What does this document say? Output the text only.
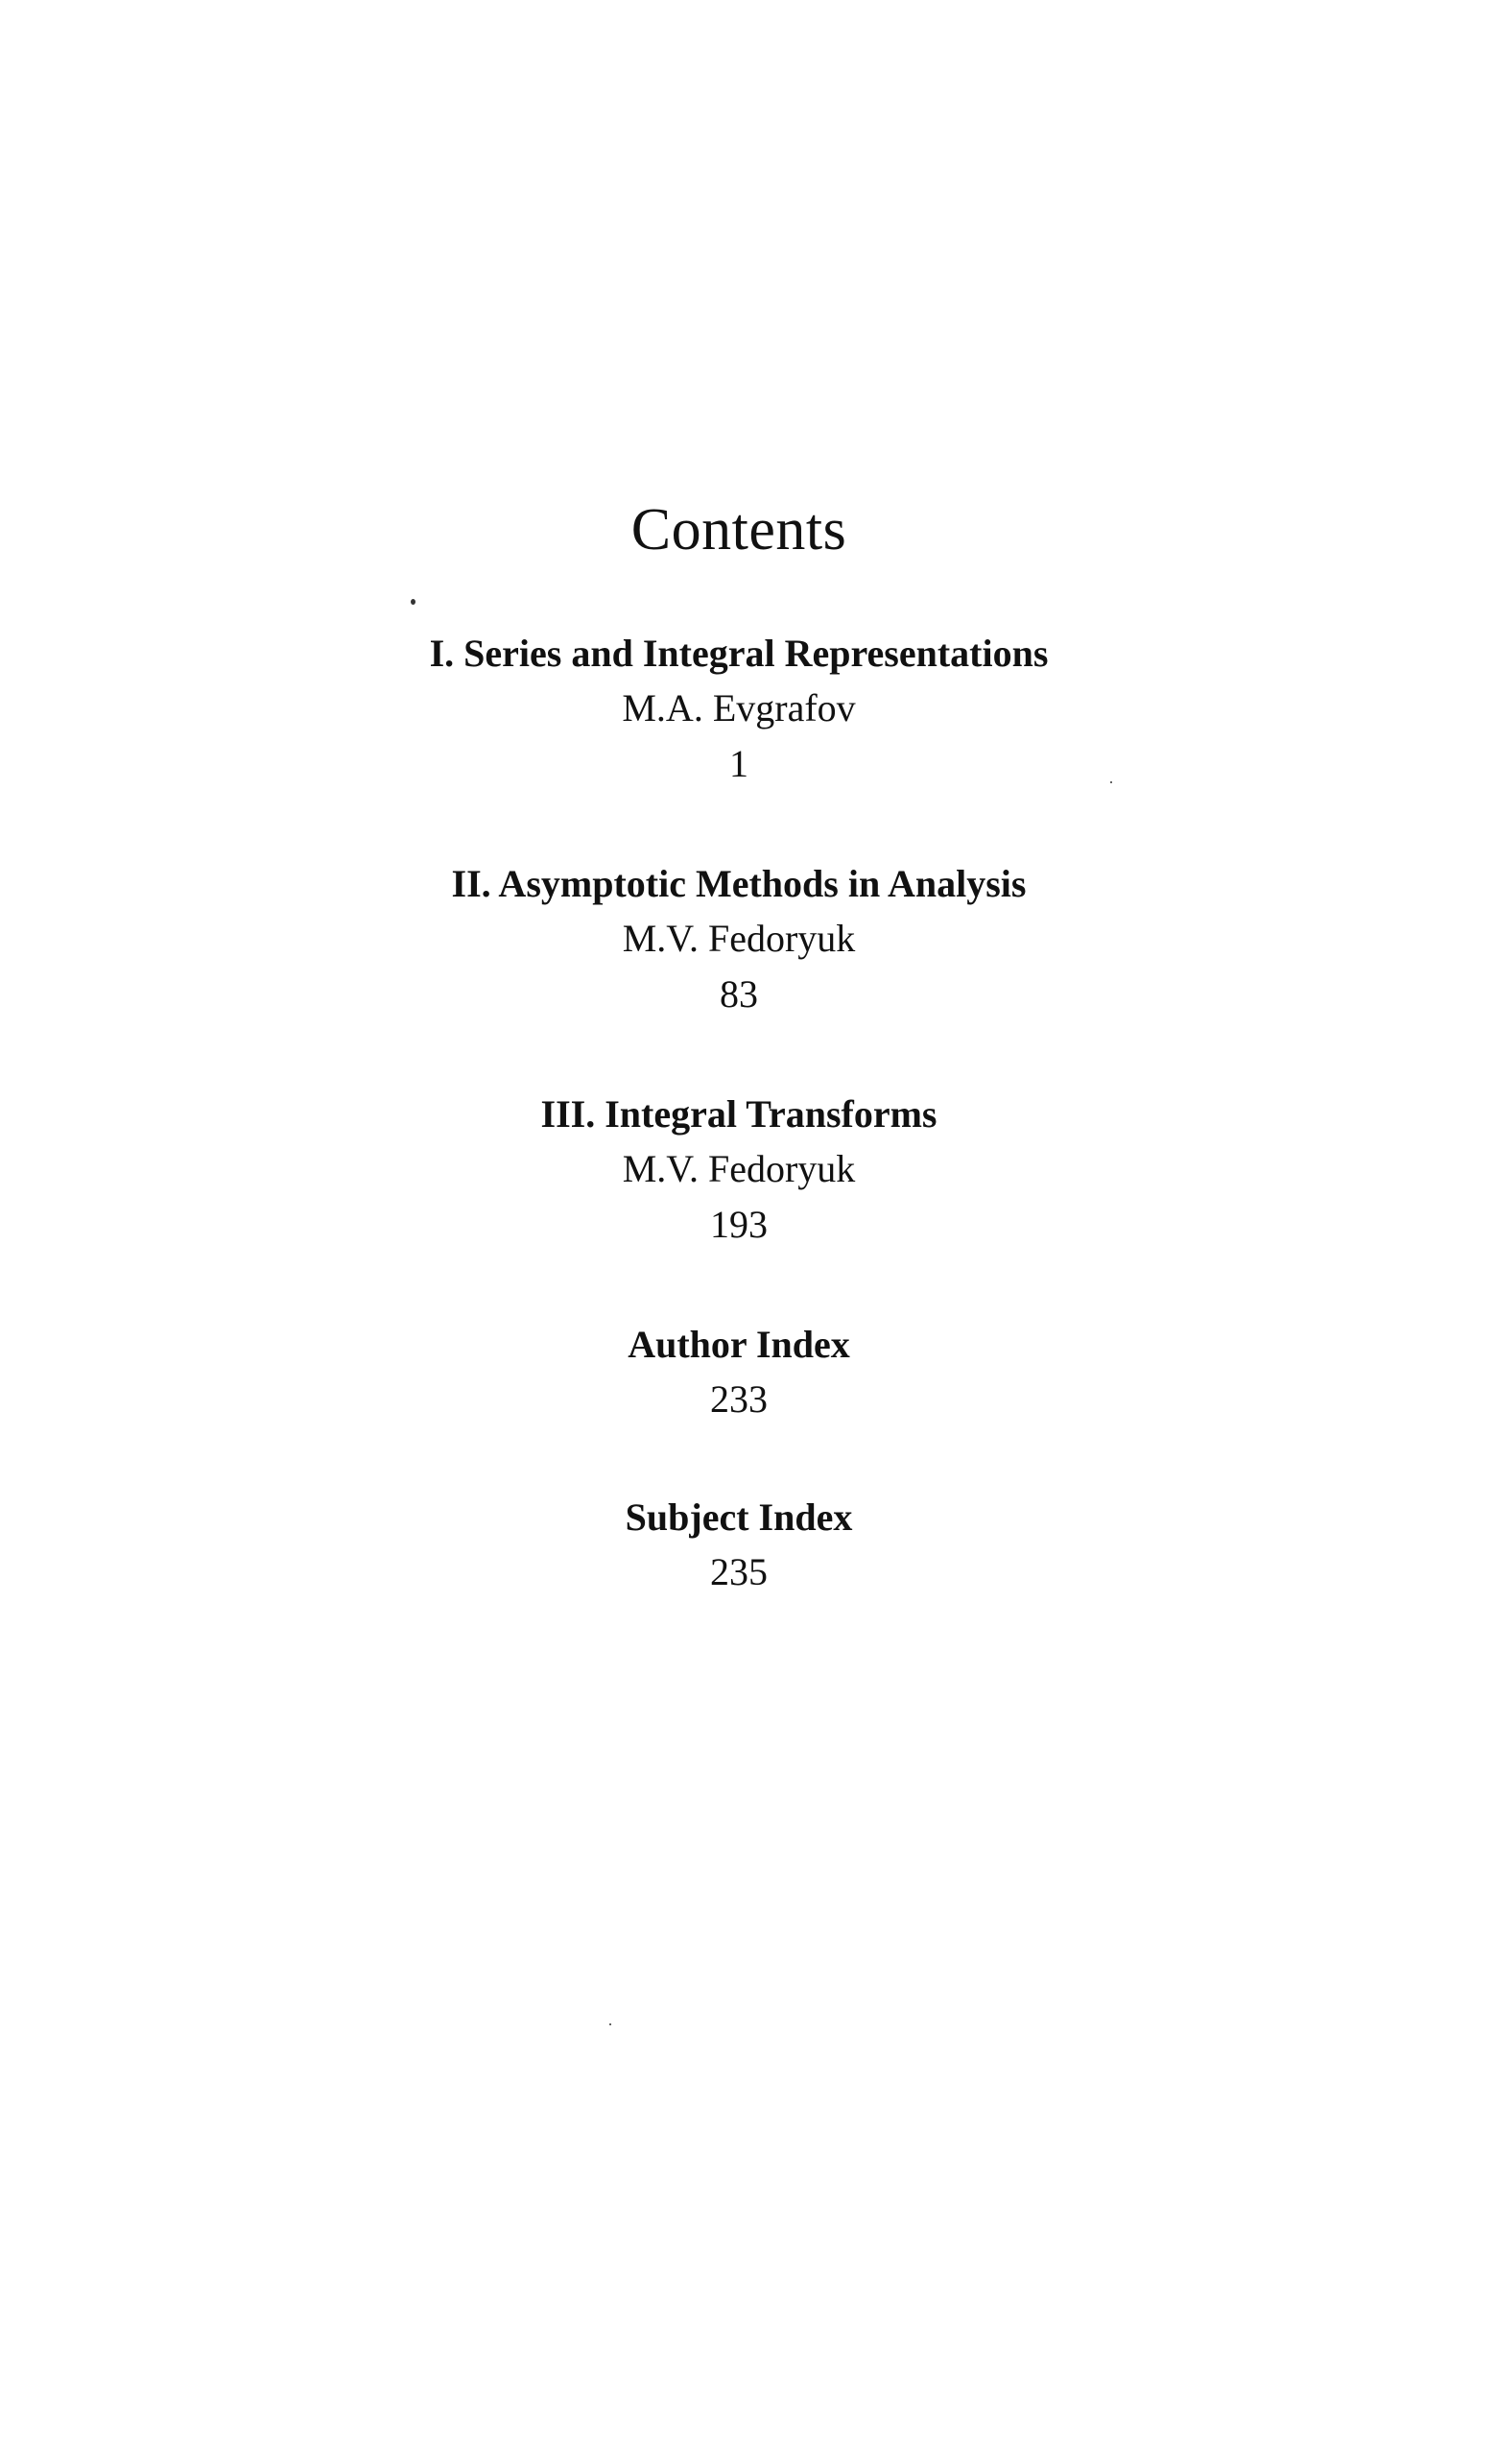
Contents
I. Series and Integral Representations
M.A. Evgrafov
1
II. Asymptotic Methods in Analysis
M.V. Fedoryuk
83
III. Integral Transforms
M.V. Fedoryuk
193
Author Index
233
Subject Index
235
